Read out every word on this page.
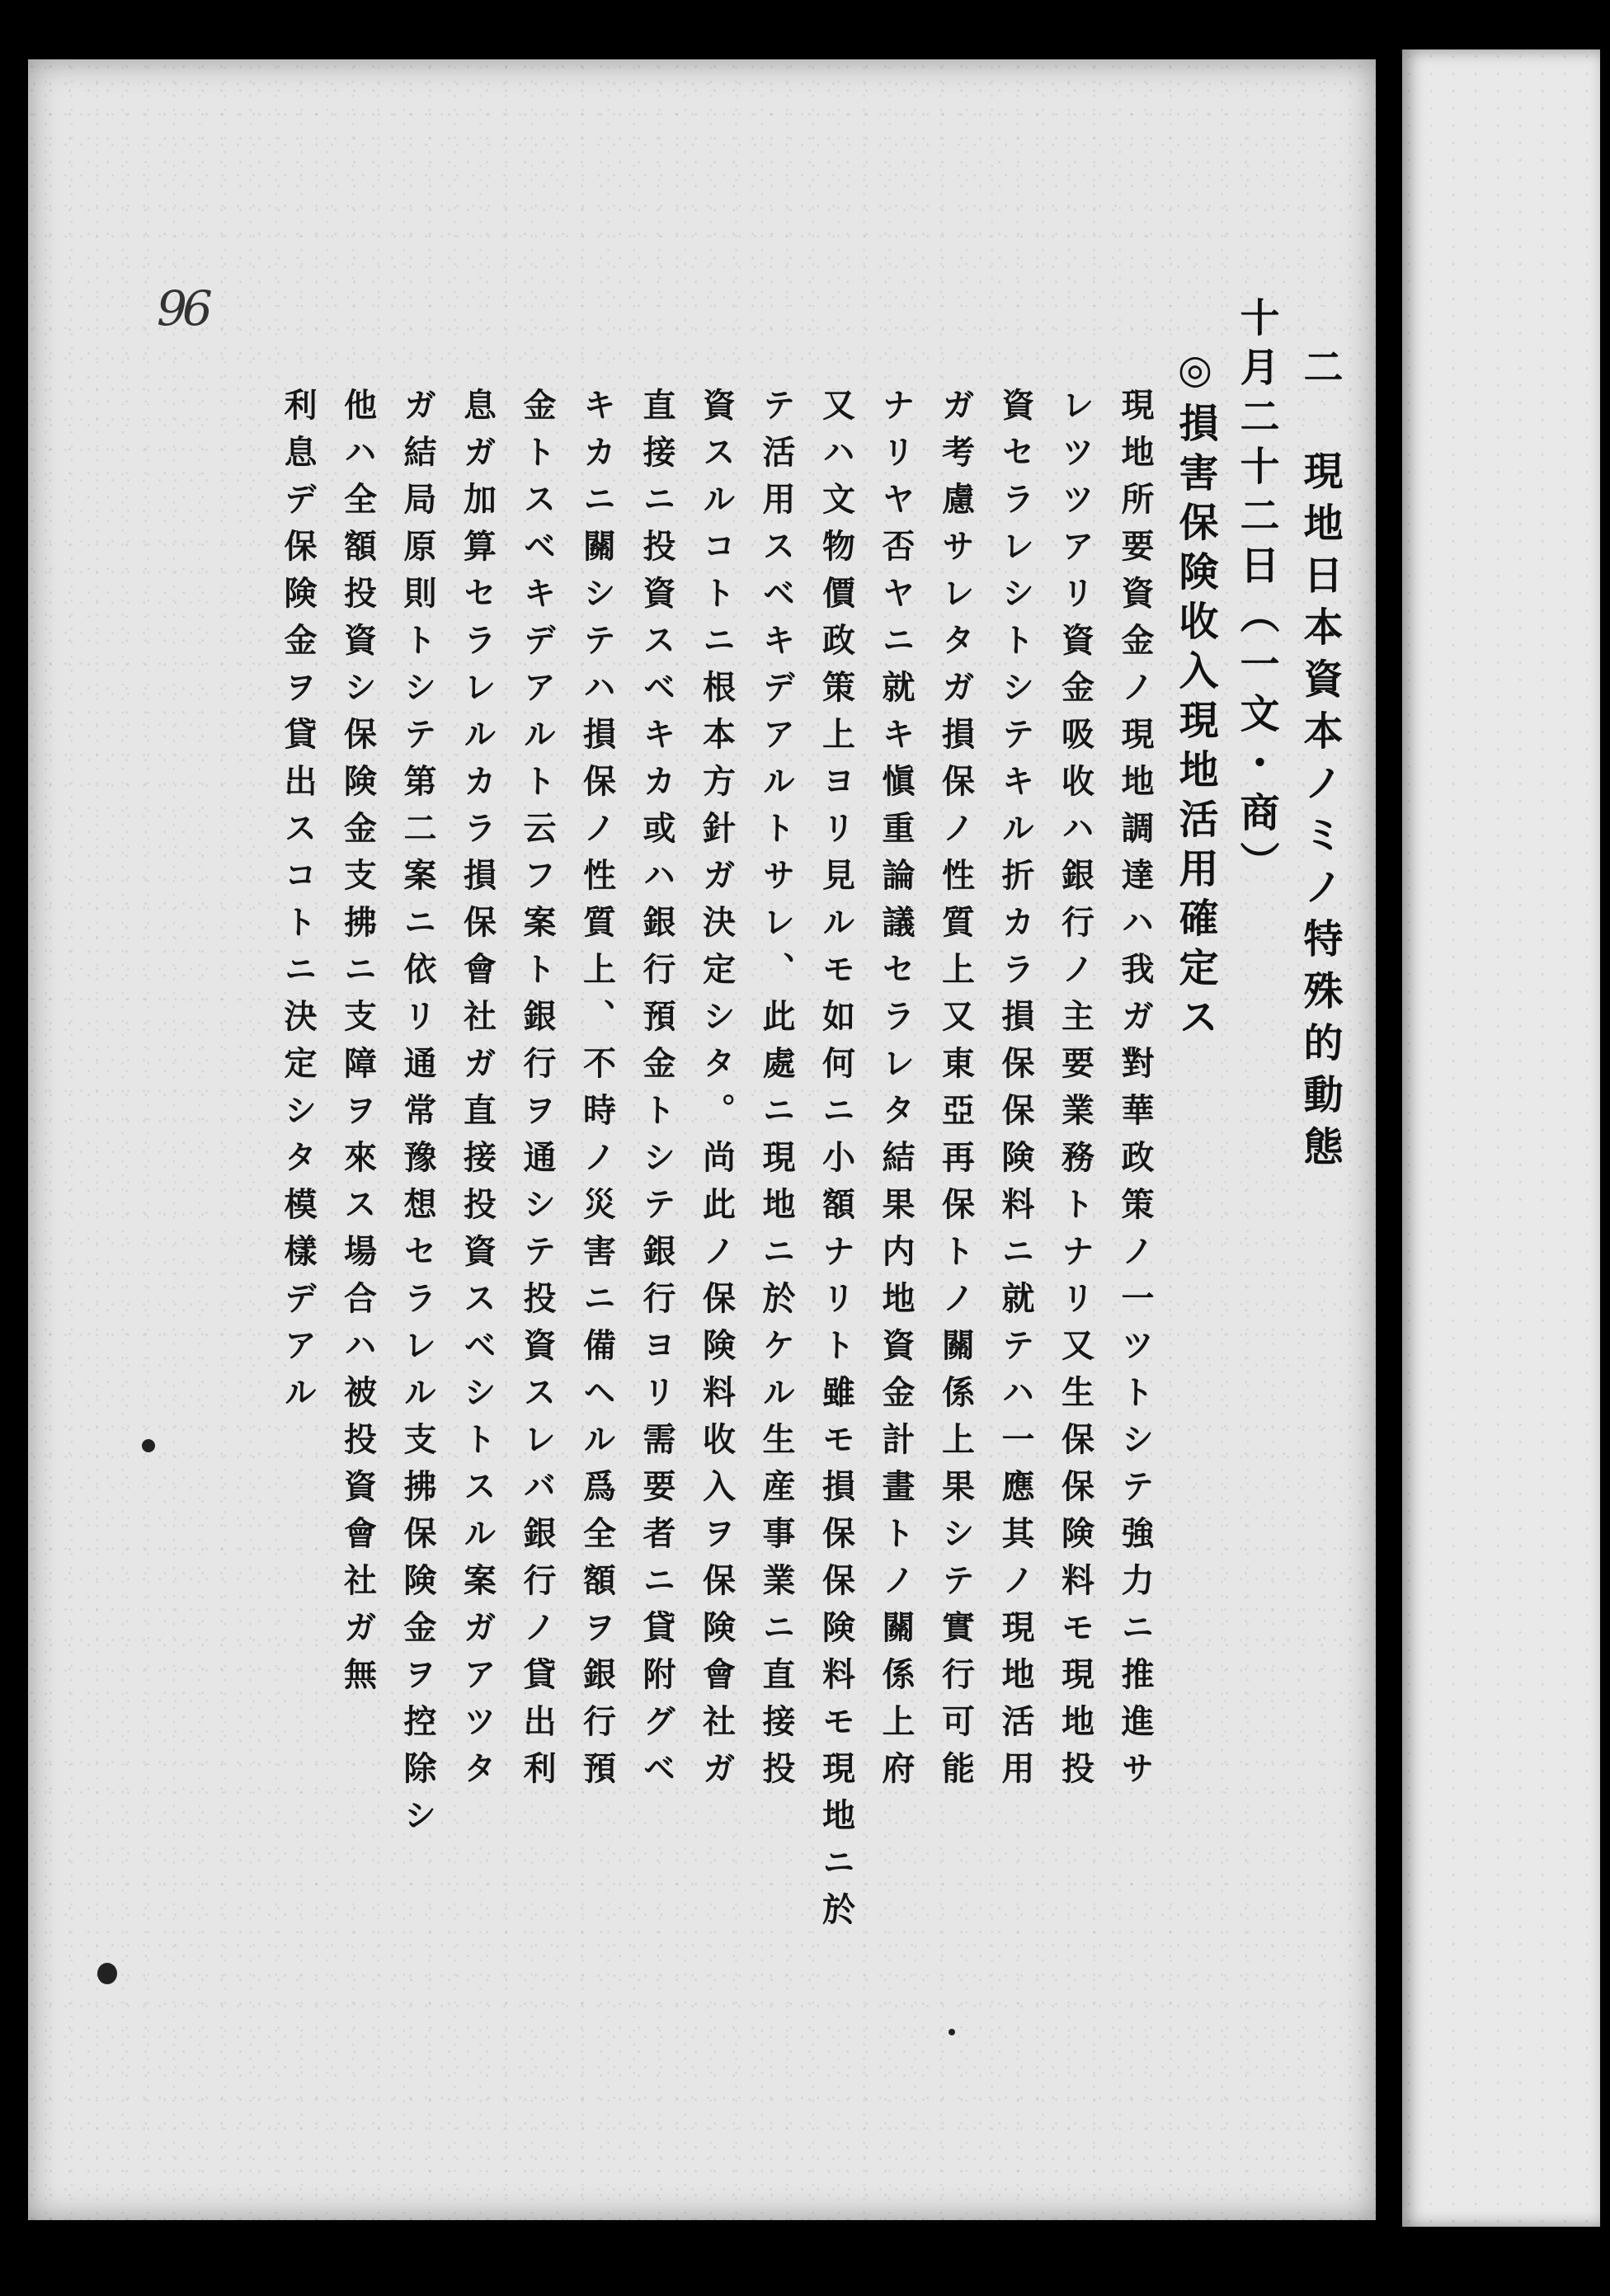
96
二　現地日本資本ノミノ特殊的動態
十月二十二日（一文・商）
◎損害保険收入現地活用確定ス
現地所要資金ノ現地調達ハ我ガ對華政策ノ一ツトシテ強力ニ推進サ
レツツアリ資金吸收ハ銀行ノ主要業務トナリ又生保保険料モ現地投
資セラレシトシテキル折カラ損保保険料ニ就テハ一應其ノ現地活用
ガ考慮サレタガ損保ノ性質上又東亞再保トノ關係上果シテ實行可能
ナリヤ否ヤニ就キ愼重論議セラレタ結果内地資金計畫トノ關係上府
又ハ文物價政策上ヨリ見ルモ如何ニ小額ナリト雖モ損保保険料モ現地ニ於
テ活用スベキデアルトサレ、此處ニ現地ニ於ケル生産事業ニ直接投
資スルコトニ根本方針ガ決定シタ。尚此ノ保険料收入ヲ保険會社ガ
直接ニ投資スベキカ或ハ銀行預金トシテ銀行ヨリ需要者ニ貸附グベ
キカニ關シテハ損保ノ性質上、不時ノ災害ニ備ヘル爲全額ヲ銀行預
金トスベキデアルト云フ案ト銀行ヲ通シテ投資スレバ銀行ノ貸出利
息ガ加算セラレルカラ損保會社ガ直接投資スベシトスル案ガアツタ
ガ結局原則トシテ第二案ニ依リ通常豫想セラレル支拂保険金ヲ控除シ
他ハ全額投資シ保険金支拂ニ支障ヲ來ス場合ハ被投資會社ガ無
利息デ保険金ヲ貸出スコトニ決定シタ模樣デアル
